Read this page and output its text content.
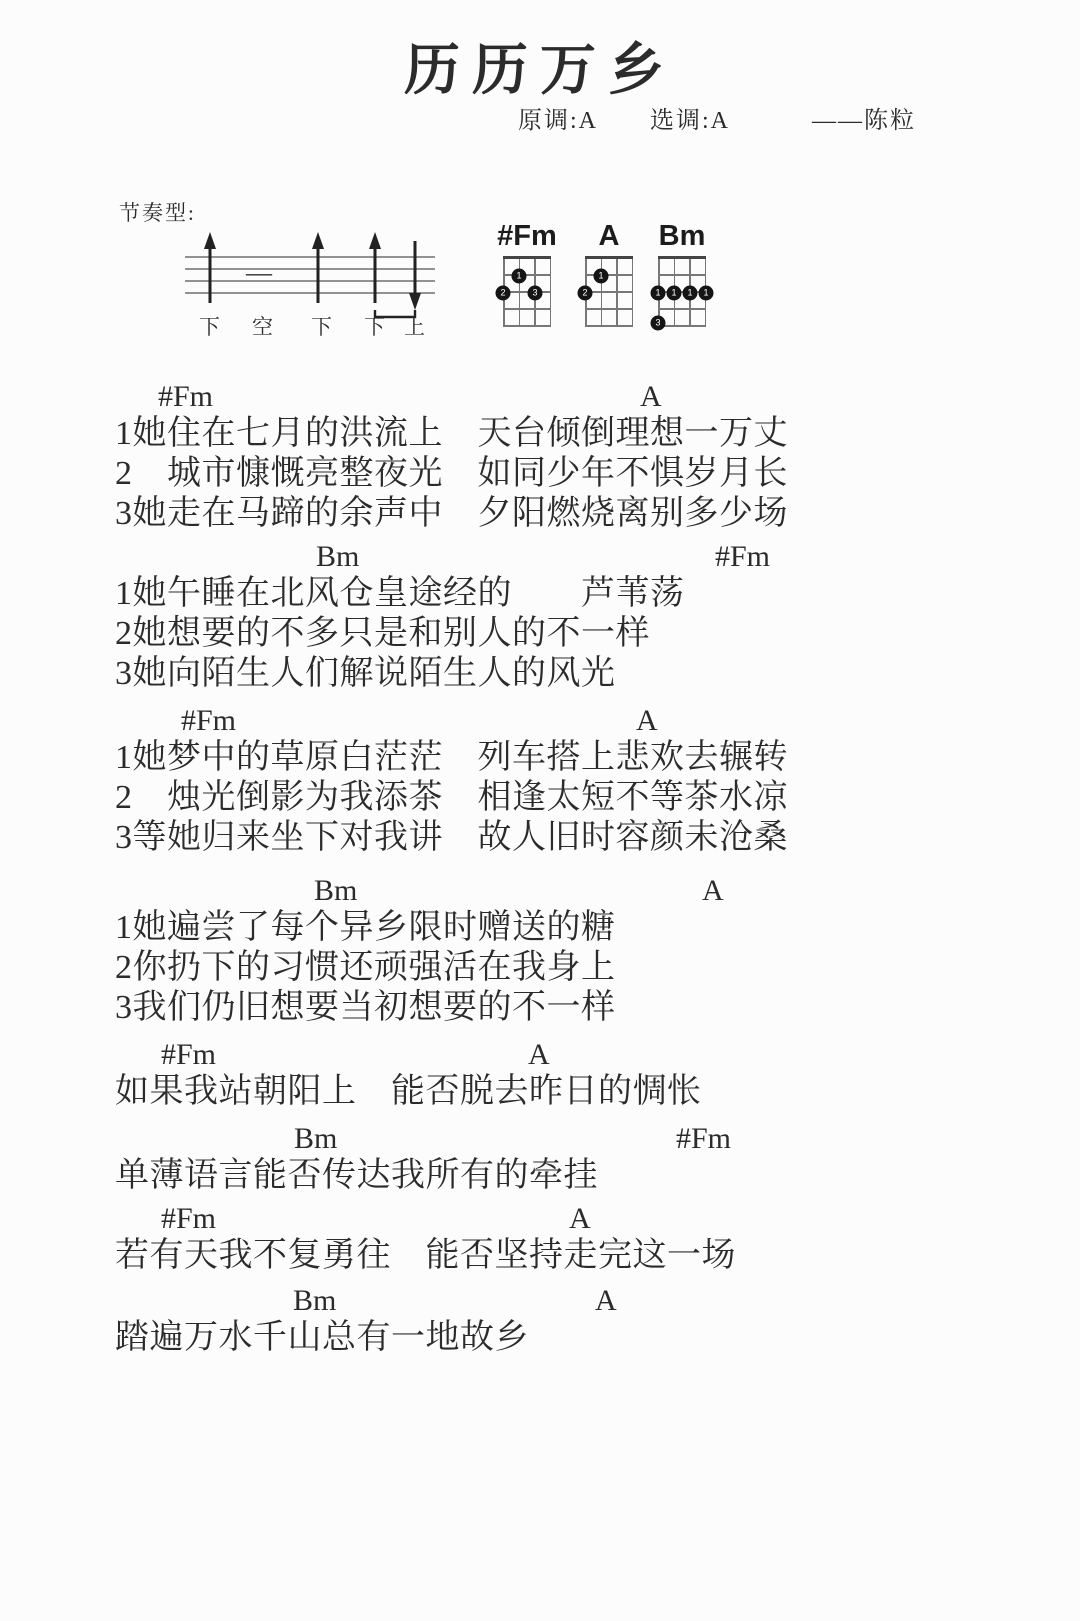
历历万乡
原调:A 选调:A	——陈粒
节奏型:
—
下 空 下 下 上
#Fm
1
2	3
A
1
2
Bm
1	1	1	1
3
#Fm	A
1她住在七月的洪流上　天台倾倒理想一万丈
2　城市慷慨亮整夜光　如同少年不惧岁月长
3她走在马蹄的余声中　夕阳燃烧离别多少场
Bm	#Fm
1她午睡在北风仓皇途经的　　芦苇荡
2她想要的不多只是和别人的不一样
3她向陌生人们解说陌生人的风光
#Fm	A
1她梦中的草原白茫茫　列车搭上悲欢去辗转
2　烛光倒影为我添茶　相逢太短不等茶水凉
3等她归来坐下对我讲　故人旧时容颜未沧桑
Bm	A
1她遍尝了每个异乡限时赠送的糖
2你扔下的习惯还顽强活在我身上
3我们仍旧想要当初想要的不一样
#Fm	A
如果我站朝阳上　能否脱去昨日的惆怅
Bm	#Fm
单薄语言能否传达我所有的牵挂
#Fm	A
若有天我不复勇往　能否坚持走完这一场
Bm	A
踏遍万水千山总有一地故乡
